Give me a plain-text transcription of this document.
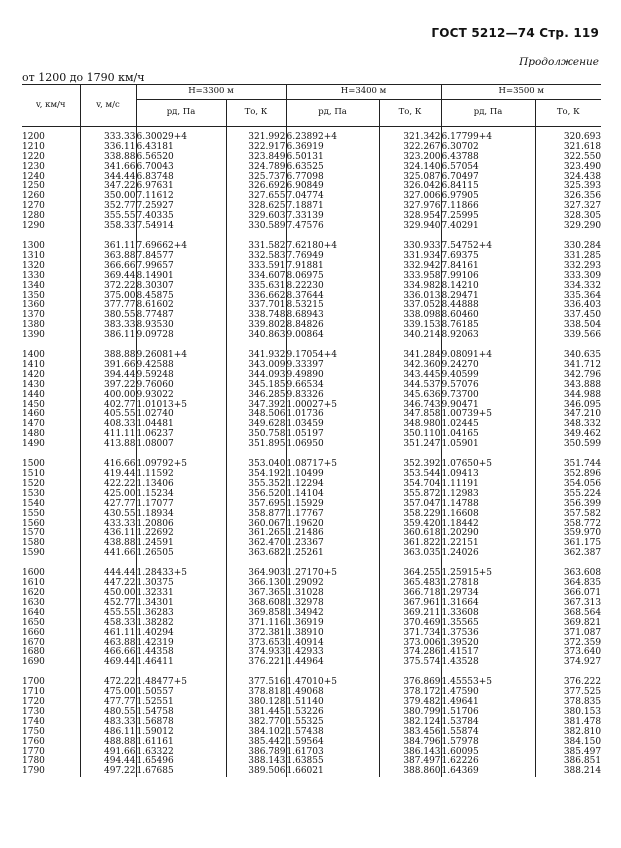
ГОСТ 5212—74 Стр. 119
Продолжение
от 1200 до 1790 км/ч
v, км/ч	v, м/с	H=3300 м		H=3400 м		H=3500 м	
		pд, Па	Tо, К	pд, Па	Tо, К	pд, Па	Tо, К
1200	333.33	6.30029+4	321.992	6.23892+4	321.342	6.17799+4	320.693
1210	336.11	6.43181	322.917	6.36919	322.267	6.30702	321.618
1220	338.88	6.56520	323.849	6.50131	323.200	6.43788	322.550
1230	341.66	6.70043	324.789	6.63525	324.140	6.57054	323.490
1240	344.44	6.83748	325.737	6.77098	325.087	6.70497	324.438
1250	347.22	6.97631	326.692	6.90849	326.042	6.84115	325.393
1260	350.00	7.11612	327.655	7.04774	327.006	6.97905	326.356
1270	352.77	7.25927	328.625	7.18871	327.976	7.11866	327.327
1280	355.55	7.40335	329.603	7.33139	328.954	7.25995	328.305
1290	358.33	7.54914	330.589	7.47576	329.940	7.40291	329.290

1300	361.11	7.69662+4	331.582	7.62180+4	330.933	7.54752+4	330.284
1310	363.88	7.84577	332.583	7.76949	331.934	7.69375	331.285
1320	366.66	7.99657	333.591	7.91881	332.942	7.84161	332.293
1330	369.44	8.14901	334.607	8.06975	333.958	7.99106	333.309
1340	372.22	8.30307	335.631	8.22230	334.982	8.14210	334.332
1350	375.00	8.45875	336.662	8.37644	336.013	8.29471	335.364
1360	377.77	8.61602	337.701	8.53215	337.052	8.44888	336.403
1370	380.55	8.77487	338.748	8.68943	338.098	8.60460	337.450
1380	383.33	8.93530	339.802	8.84826	339.153	8.76185	338.504
1390	386.11	9.09728	340.863	9.00864	340.214	8.92063	339.566

1400	388.88	9.26081+4	341.932	9.17054+4	341.284	9.08091+4	340.635
1410	391.66	9.42588	343.009	9.33397	342.360	9.24270	341.712
1420	394.44	9.59248	344.093	9.49890	343.445	9.40599	342.796
1430	397.22	9.76060	345.185	9.66534	344.537	9.57076	343.888
1440	400.00	9.93022	346.285	9.83326	345.636	9.73700	344.988
1450	402.77	1.01013+5	347.392	1.00027+5	346.743	9.90471	346.095
1460	405.55	1.02740	348.506	1.01736	347.858	1.00739+5	347.210
1470	408.33	1.04481	349.628	1.03459	348.980	1.02445	348.332
1480	411.11	1.06237	350.758	1.05197	350.110	1.04165	349.462
1490	413.88	1.08007	351.895	1.06950	351.247	1.05901	350.599

1500	416.66	1.09792+5	353.040	1.08717+5	352.392	1.07650+5	351.744
1510	419.44	1.11592	354.192	1.10499	353.544	1.09413	352.896
1520	422.22	1.13406	355.352	1.12294	354.704	1.11191	354.056
1530	425.00	1.15234	356.520	1.14104	355.872	1.12983	355.224
1540	427.77	1.17077	357.695	1.15929	357.047	1.14788	356.399
1550	430.55	1.18934	358.877	1.17767	358.229	1.16608	357.582
1560	433.33	1.20806	360.067	1.19620	359.420	1.18442	358.772
1570	436.11	1.22692	361.265	1.21486	360.618	1.20290	359.970
1580	438.88	1.24591	362.470	1.23367	361.822	1.22151	361.175
1590	441.66	1.26505	363.682	1.25261	363.035	1.24026	362.387

1600	444.44	1.28433+5	364.903	1.27170+5	364.255	1.25915+5	363.608
1610	447.22	1.30375	366.130	1.29092	365.483	1.27818	364.835
1620	450.00	1.32331	367.365	1.31028	366.718	1.29734	366.071
1630	452.77	1.34301	368.608	1.32978	367.961	1.31664	367.313
1640	455.55	1.36283	369.858	1.34942	369.211	1.33608	368.564
1650	458.33	1.38282	371.116	1.36919	370.469	1.35565	369.821
1660	461.11	1.40294	372.381	1.38910	371.734	1.37536	371.087
1670	463.88	1.42319	373.653	1.40914	373.006	1.39520	372.359
1680	466.66	1.44358	374.933	1.42933	374.286	1.41517	373.640
1690	469.44	1.46411	376.221	1.44964	375.574	1.43528	374.927

1700	472.22	1.48477+5	377.516	1.47010+5	376.869	1.45553+5	376.222
1710	475.00	1.50557	378.818	1.49068	378.172	1.47590	377.525
1720	477.77	1.52551	380.128	1.51140	379.482	1.49641	378.835
1730	480.55	1.54758	381.445	1.53226	380.799	1.51706	380.153
1740	483.33	1.56878	382.770	1.55325	382.124	1.53784	381.478
1750	486.11	1.59012	384.102	1.57438	383.456	1.55874	382.810
1760	488.88	1.61161	385.442	1.59564	384.796	1.57978	384.150
1770	491.66	1.63322	386.789	1.61703	386.143	1.60095	385.497
1780	494.44	1.65496	388.143	1.63855	387.497	1.62226	386.851
1790	497.22	1.67685	389.506	1.66021	388.860	1.64369	388.214
